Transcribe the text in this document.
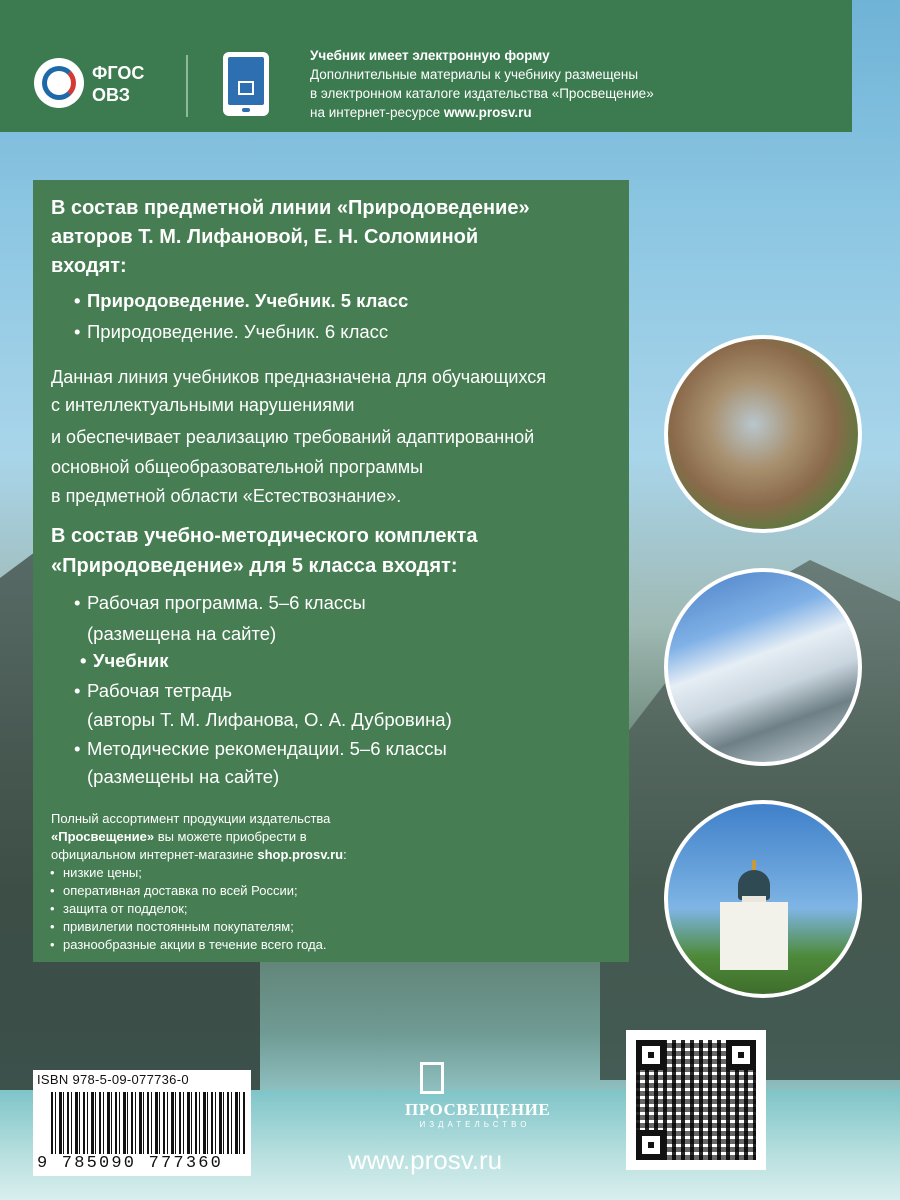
ФГОС
ОВЗ
Учебник имеет электронную форму
Дополнительные материалы к учебнику размещены
в электронном каталоге издательства «Просвещение»
на интернет-ресурсе www.prosv.ru
В состав предметной линии «Природоведение»
авторов Т. М. Лифановой, Е. Н. Соломиной
входят:
• Природоведение. Учебник. 5 класс
• Природоведение. Учебник. 6 класс
Данная линия учебников предназначена для обучающихся
с интеллектуальными нарушениями
и обеспечивает реализацию требований адаптированной
основной общеобразовательной программы
в предметной области «Естествознание».
В состав учебно-методического комплекта
«Природоведение» для 5 класса входят:
• Рабочая программа. 5–6 классы
(размещена на сайте)
• Учебник
• Рабочая тетрадь
(авторы Т. М. Лифанова, О. А. Дубровина)
• Методические рекомендации. 5–6 классы
(размещены на сайте)
Полный ассортимент продукции издательства
«Просвещение» вы можете приобрести в
официальном интернет-магазине shop.prosv.ru:
• низкие цены;
• оперативная доставка по всей России;
• защита от подделок;
• привилегии постоянным покупателям;
• разнообразные акции в течение всего года.
ISBN 978-5-09-077736-0
9 785090 777360
ПРОСВЕЩЕНИЕ
ИЗДАТЕЛЬСТВО
www.prosv.ru
